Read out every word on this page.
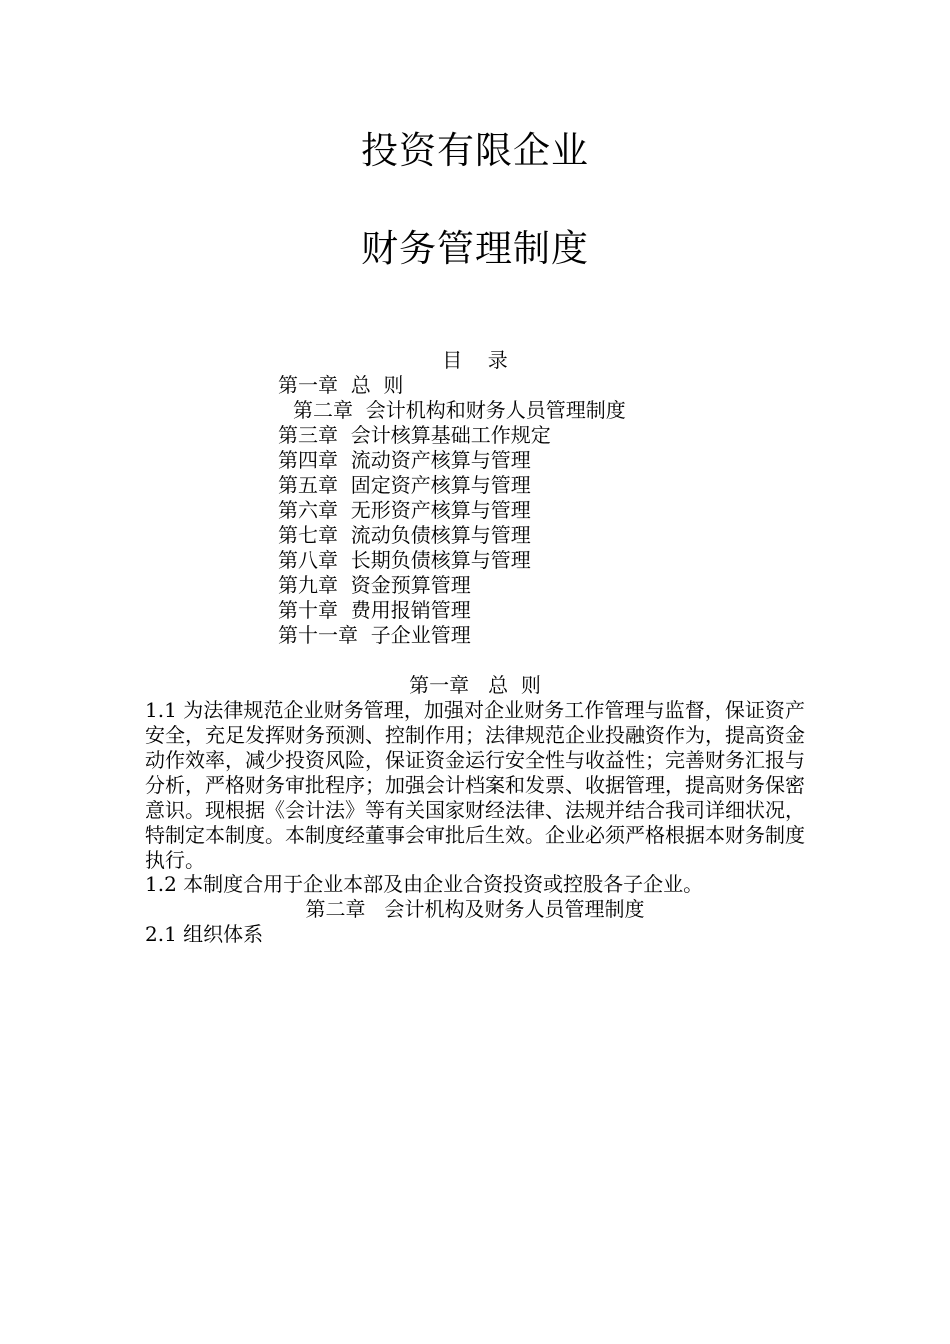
投资有限企业
财务管理制度
目    录
第一章  总  则
第二章  会计机构和财务人员管理制度
第三章  会计核算基础工作规定
第四章  流动资产核算与管理
第五章  固定资产核算与管理
第六章  无形资产核算与管理
第七章  流动负债核算与管理
第八章  长期负债核算与管理
第九章  资金预算管理
第十章  费用报销管理
第十一章  子企业管理
第一章   总  则
1.1 为法律规范企业财务管理，加强对企业财务工作管理与监督，保证资产安全，充足发挥财务预测、控制作用；法律规范企业投融资作为，提高资金动作效率，减少投资风险，保证资金运行安全性与收益性；完善财务汇报与分析，严格财务审批程序；加强会计档案和发票、收据管理，提高财务保密意识。现根据《会计法》等有关国家财经法律、法规并结合我司详细状况，特制定本制度。本制度经董事会审批后生效。企业必须严格根据本财务制度执行。
1.2 本制度合用于企业本部及由企业合资投资或控股各子企业。
第二章   会计机构及财务人员管理制度
2.1 组织体系
